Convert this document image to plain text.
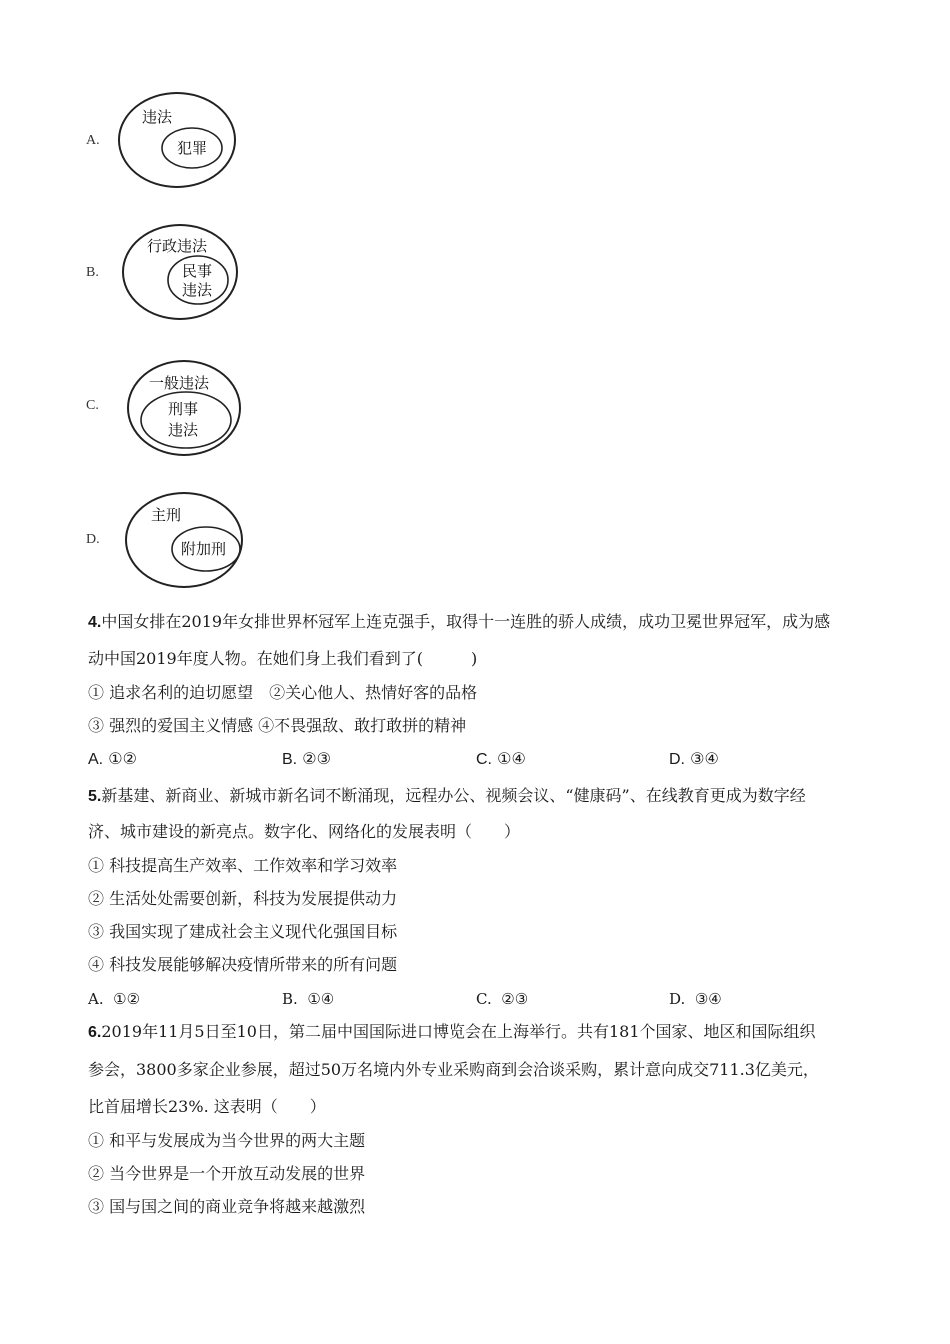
A.
违法
犯罪
B.
行政违法
民事
违法
C.
一般违法
刑事
违法
D.
主刑
附加刑
4.中国女排在2019年女排世界杯冠军上连克强手，取得十一连胜的骄人成绩，成功卫冕世界冠军，成为感
动中国2019年度人物。在她们身上我们看到了(　　　)
① 追求名利的迫切愿望　②关心他人、热情好客的品格
③ 强烈的爱国主义情感 ④不畏强敌、敢打敢拼的精神
A. ①②	B. ②③	C. ①④	D. ③④
5.新基建、新商业、新城市新名词不断涌现，远程办公、视频会议、“健康码”、在线教育更成为数字经
济、城市建设的新亮点。数字化、网络化的发展表明（　　）
① 科技提高生产效率、工作效率和学习效率
② 生活处处需要创新，科技为发展提供动力
③ 我国实现了建成社会主义现代化强国目标
④ 科技发展能够解决疫情所带来的所有问题
A. ①②	B. ①④	C. ②③	D. ③④
6.2019年11月5日至10日，第二届中国国际进口博览会在上海举行。共有181个国家、地区和国际组织
参会，3800多家企业参展，超过50万名境内外专业采购商到会洽谈采购，累计意向成交711.3亿美元，
比首届增长23%. 这表明（　　）
① 和平与发展成为当今世界的两大主题
② 当今世界是一个开放互动发展的世界
③ 国与国之间的商业竞争将越来越激烈
